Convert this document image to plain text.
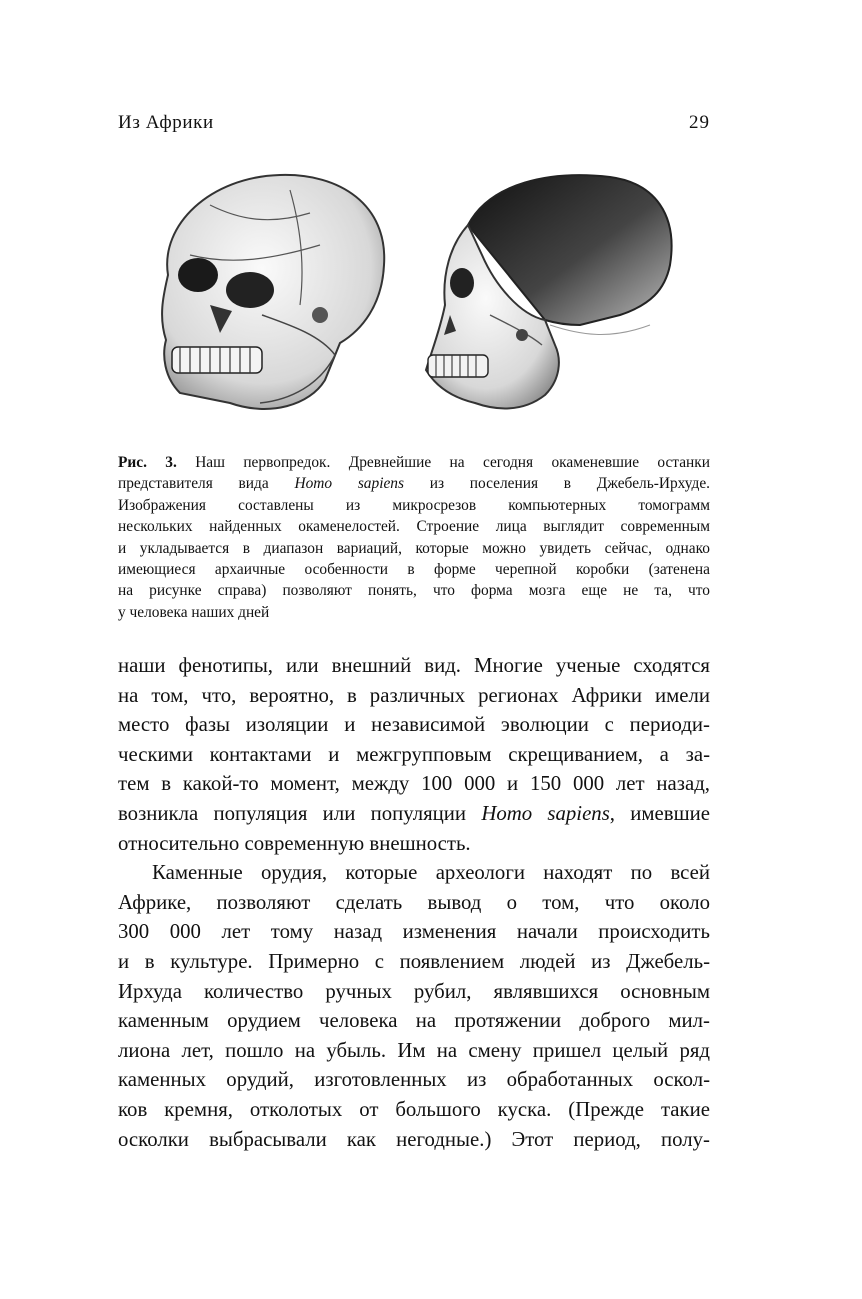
Из Африки	29
Рис. 3. Наш первопредок. Древнейшие на сегодня окаменевшие останки
представителя вида Homo sapiens из поселения в Джебель-Ирхуде.
Изображения составлены из микросрезов компьютерных томограмм
нескольких найденных окаменелостей. Строение лица выглядит современным
и укладывается в диапазон вариаций, которые можно увидеть сейчас, однако
имеющиеся архаичные особенности в форме черепной коробки (затенена
на рисунке справа) позволяют понять, что форма мозга еще не та, что
у человека наших дней
наши фенотипы, или внешний вид. Многие ученые сходятся
на том, что, вероятно, в различных регионах Африки имели
место фазы изоляции и независимой эволюции с периоди-
ческими контактами и межгрупповым скрещиванием, а за-
тем в какой-то момент, между 100 000 и 150 000 лет назад,
возникла популяция или популяции Homo sapiens, имевшие
относительно современную внешность.
Каменные орудия, которые археологи находят по всей
Африке, позволяют сделать вывод о том, что около
300 000 лет тому назад изменения начали происходить
и в культуре. Примерно с появлением людей из Джебель-
Ирхуда количество ручных рубил, являвшихся основным
каменным орудием человека на протяжении доброго мил-
лиона лет, пошло на убыль. Им на смену пришел целый ряд
каменных орудий, изготовленных из обработанных оскол-
ков кремня, отколотых от большого куска. (Прежде такие
осколки выбрасывали как негодные.) Этот период, полу-
